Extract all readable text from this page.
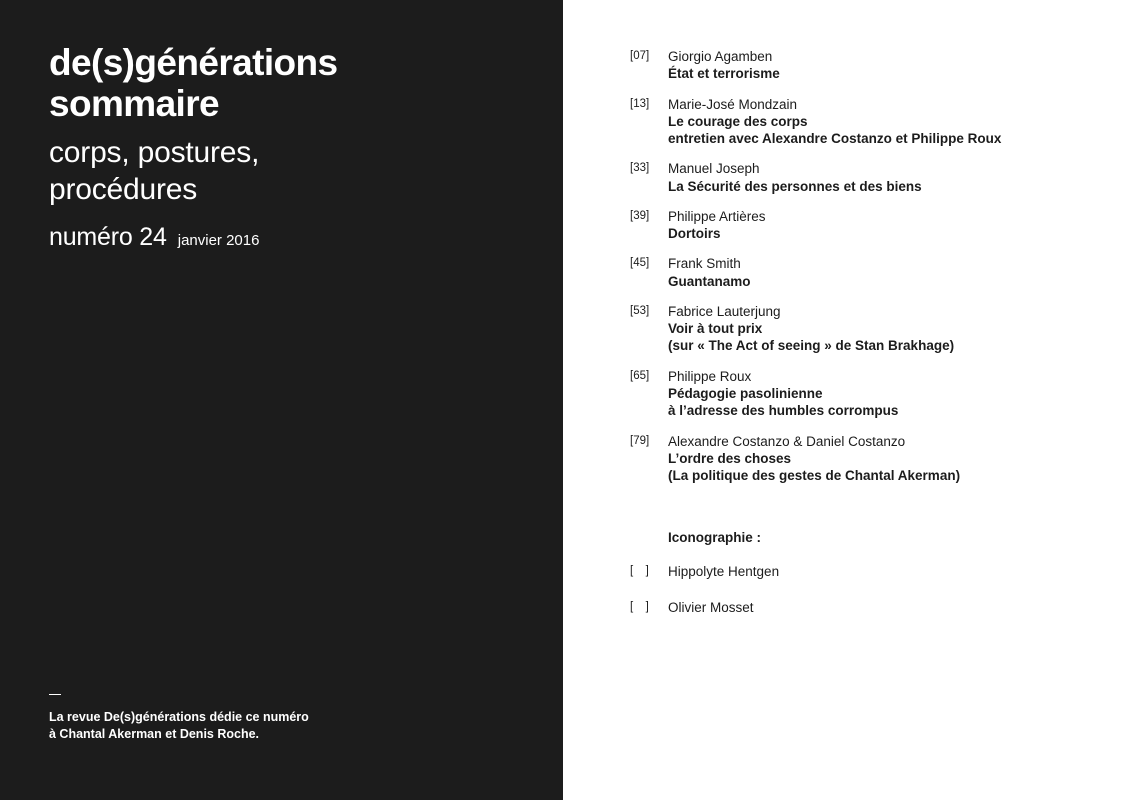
de(s)générations
sommaire

corps, postures,

procédures

numéro 24 janvier 2016

La revue De(s)générations dédie ce numéro

à Chantal Akerman et Denis Roche.

[07]	Giorgio Agamben
État et terrorisme
[13]	Marie-José Mondzain
Le courage des corps
entretien avec Alexandre Costanzo et Philippe Roux
[33]	Manuel Joseph
La Sécurité des personnes et des biens
[39]	Philippe Artières
Dortoirs
[45]	Frank Smith
Guantanamo
[53]	Fabrice Lauterjung
Voir à tout prix
(sur « The Act of seeing » de Stan Brakhage)
[65]	Philippe Roux
Pédagogie pasolinienne
à l’adresse des humbles corrompus
[79]	Alexandre Costanzo & Daniel Costanzo
L’ordre des choses
(La politique des gestes de Chantal Akerman)
Iconographie :
[  ]	Hippolyte Hentgen
[  ]	Olivier Mosset
